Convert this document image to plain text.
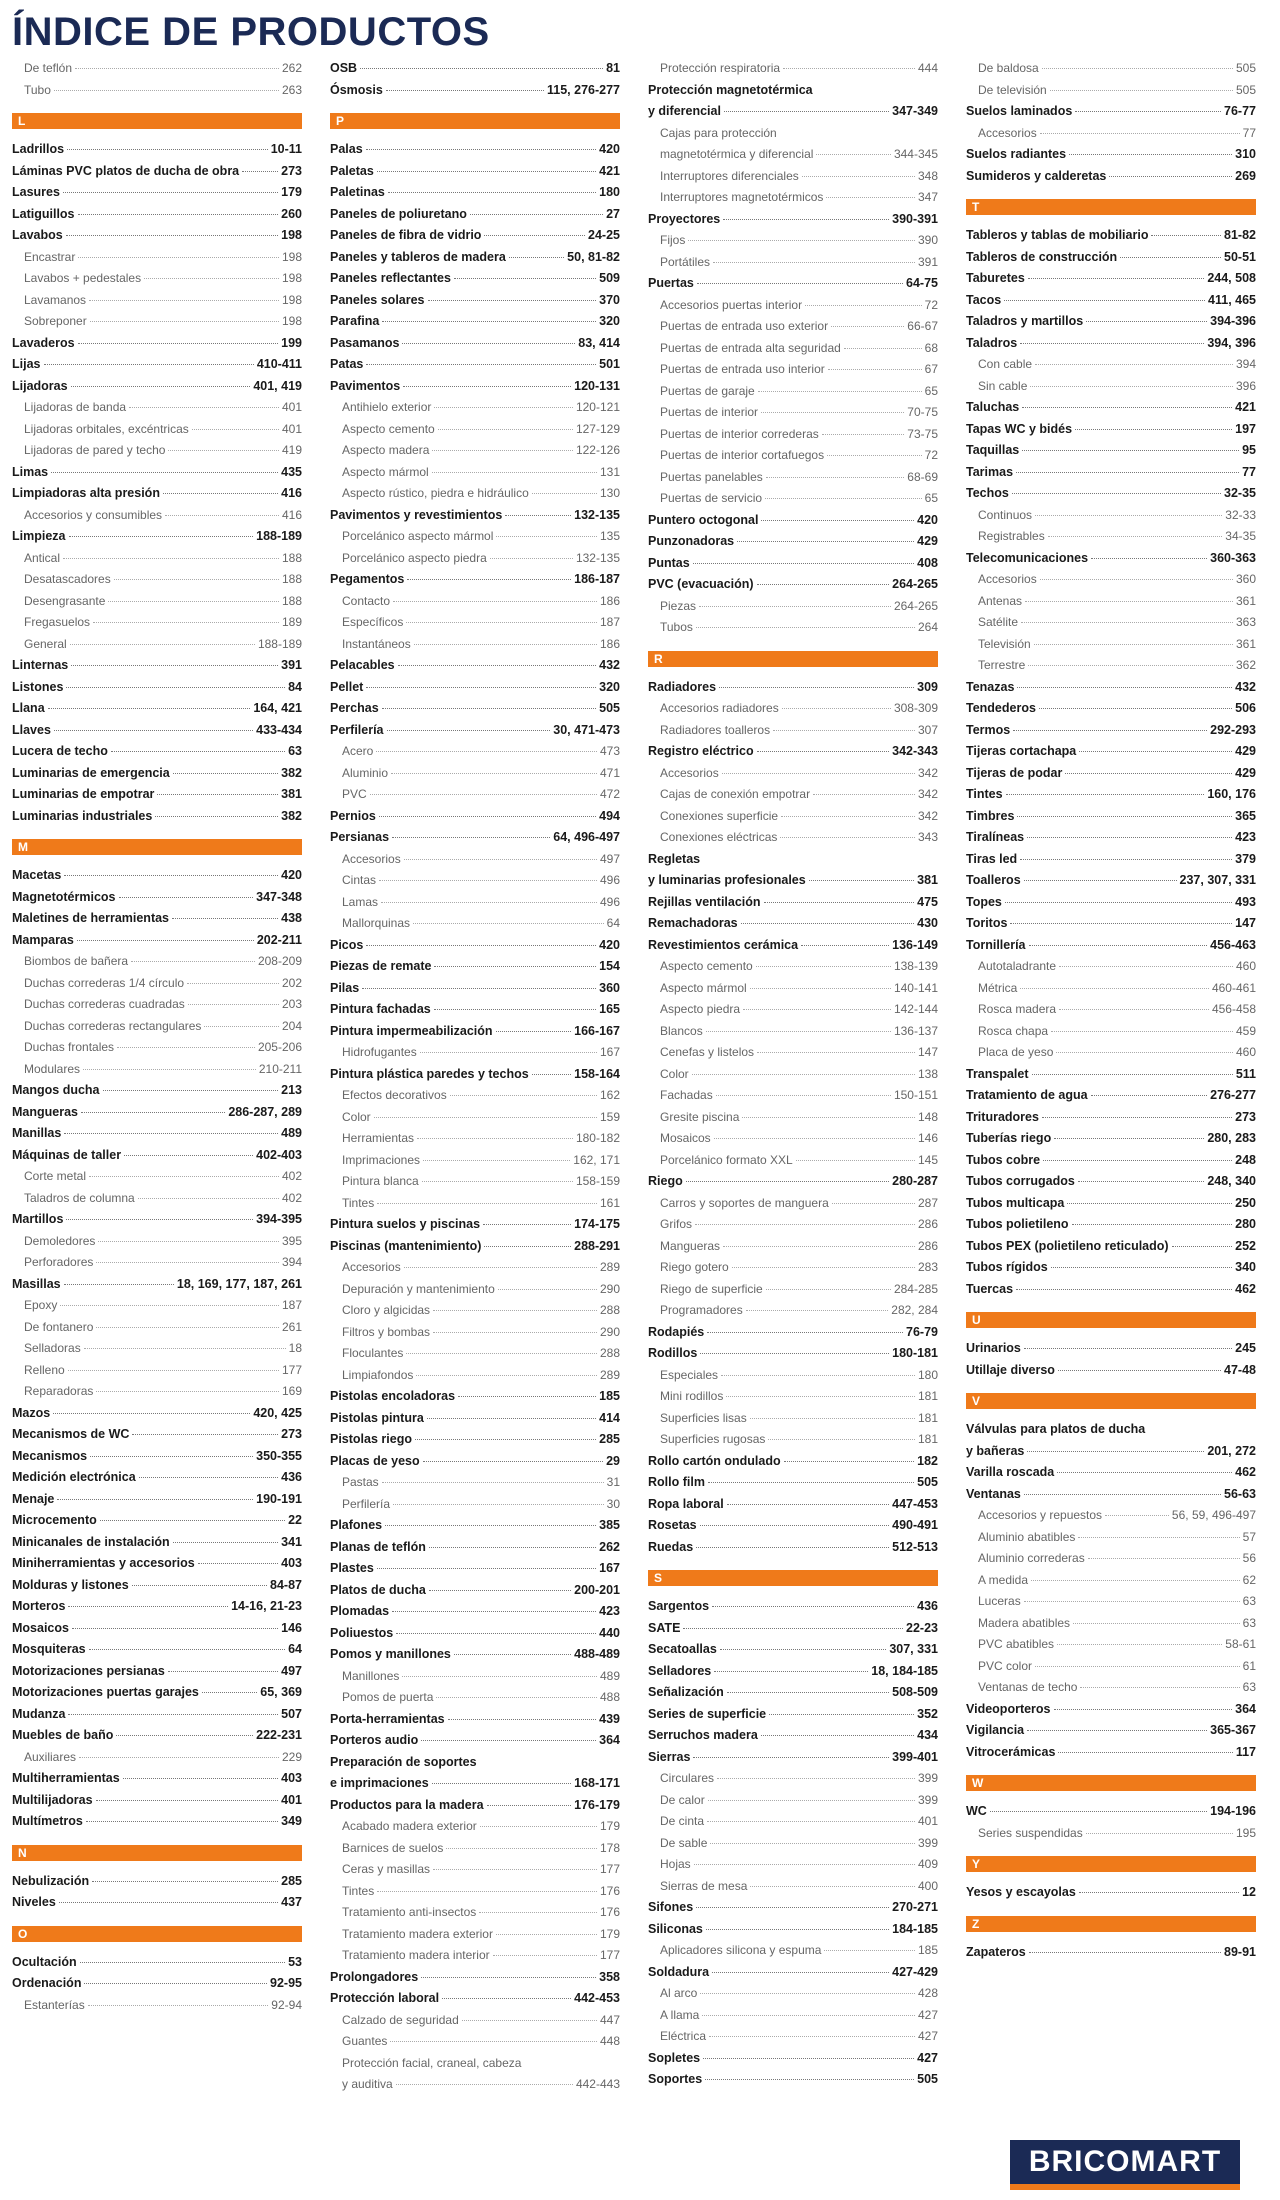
ÍNDICE DE PRODUCTOS
De teflón	262
Tubo	263
L
Ladrillos	10-11
Láminas PVC platos de ducha de obra	273
Lasures	179
Latiguillos	260
Lavabos	198
Encastrar	198
Lavabos + pedestales	198
Lavamanos	198
Sobreponer	198
Lavaderos	199
Lijas	410-411
Lijadoras	401, 419
Lijadoras de banda	401
Lijadoras orbitales, excéntricas	401
Lijadoras de pared y techo	419
Limas	435
Limpiadoras alta presión	416
Accesorios y consumibles	416
Limpieza	188-189
Antical	188
Desatascadores	188
Desengrasante	188
Fregasuelos	189
General	188-189
Linternas	391
Listones	84
Llana	164, 421
Llaves	433-434
Lucera de techo	63
Luminarias de emergencia	382
Luminarias de empotrar	381
Luminarias industriales	382
M
Macetas	420
Magnetotérmicos	347-348
Maletines de herramientas	438
Mamparas	202-211
Biombos de bañera	208-209
Duchas correderas 1/4 círculo	202
Duchas correderas cuadradas	203
Duchas correderas rectangulares	204
Duchas frontales	205-206
Modulares	210-211
Mangos ducha	213
Mangueras	286-287, 289
Manillas	489
Máquinas de taller	402-403
Corte metal	402
Taladros de columna	402
Martillos	394-395
Demoledores	395
Perforadores	394
Masillas	18, 169, 177, 187, 261
Epoxy	187
De fontanero	261
Selladoras	18
Relleno	177
Reparadoras	169
Mazos	420, 425
Mecanismos de WC	273
Mecanismos	350-355
Medición electrónica	436
Menaje	190-191
Microcemento	22
Minicanales de instalación	341
Miniherramientas y accesorios	403
Molduras y listones	84-87
Morteros	14-16, 21-23
Mosaicos	146
Mosquiteras	64
Motorizaciones persianas	497
Motorizaciones puertas garajes	65, 369
Mudanza	507
Muebles de baño	222-231
Auxiliares	229
Multiherramientas	403
Multilijadoras	401
Multímetros	349
N
Nebulización	285
Niveles	437
O
Ocultación	53
Ordenación	92-95
Estanterías	92-94
OSB	81
Ósmosis	115, 276-277
P
Palas	420
Paletas	421
Paletinas	180
Paneles de poliuretano	27
Paneles de fibra de vidrio	24-25
Paneles y tableros de madera	50, 81-82
Paneles reflectantes	509
Paneles solares	370
Parafina	320
Pasamanos	83, 414
Patas	501
Pavimentos	120-131
Antihielo exterior	120-121
Aspecto cemento	127-129
Aspecto madera	122-126
Aspecto mármol	131
Aspecto rústico, piedra e hidráulico	130
Pavimentos y revestimientos	132-135
Porcelánico aspecto mármol	135
Porcelánico aspecto piedra	132-135
Pegamentos	186-187
Contacto	186
Específicos	187
Instantáneos	186
Pelacables	432
Pellet	320
Perchas	505
Perfilería	30, 471-473
Acero	473
Aluminio	471
PVC	472
Pernios	494
Persianas	64, 496-497
Accesorios	497
Cintas	496
Lamas	496
Mallorquinas	64
Picos	420
Piezas de remate	154
Pilas	360
Pintura fachadas	165
Pintura impermeabilización	166-167
Hidrofugantes	167
Pintura plástica paredes y techos	158-164
Efectos decorativos	162
Color	159
Herramientas	180-182
Imprimaciones	162, 171
Pintura blanca	158-159
Tintes	161
Pintura suelos y piscinas	174-175
Piscinas (mantenimiento)	288-291
Accesorios	289
Depuración y mantenimiento	290
Cloro y algicidas	288
Filtros y bombas	290
Floculantes	288
Limpiafondos	289
Pistolas encoladoras	185
Pistolas pintura	414
Pistolas riego	285
Placas de yeso	29
Pastas	31
Perfilería	30
Plafones	385
Planas de teflón	262
Plastes	167
Platos de ducha	200-201
Plomadas	423
Poliuestos	440
Pomos y manillones	488-489
Manillones	489
Pomos de puerta	488
Porta-herramientas	439
Porteros audio	364
Preparación de soportes
e imprimaciones	168-171
Productos para la madera	176-179
Acabado madera exterior	179
Barnices de suelos	178
Ceras y masillas	177
Tintes	176
Tratamiento anti-insectos	176
Tratamiento madera exterior	179
Tratamiento madera interior	177
Prolongadores	358
Protección laboral	442-453
Calzado de seguridad	447
Guantes	448
Protección facial, craneal, cabeza
y auditiva	442-443
Protección respiratoria	444
Protección magnetotérmica
y diferencial	347-349
Cajas para protección
magnetotérmica y diferencial	344-345
Interruptores diferenciales	348
Interruptores magnetotérmicos	347
Proyectores	390-391
Fijos	390
Portátiles	391
Puertas	64-75
Accesorios puertas interior	72
Puertas de entrada uso exterior	66-67
Puertas de entrada alta seguridad	68
Puertas de entrada uso interior	67
Puertas de garaje	65
Puertas de interior	70-75
Puertas de interior correderas	73-75
Puertas de interior cortafuegos	72
Puertas panelables	68-69
Puertas de servicio	65
Puntero octogonal	420
Punzonadoras	429
Puntas	408
PVC (evacuación)	264-265
Piezas	264-265
Tubos	264
R
Radiadores	309
Accesorios radiadores	308-309
Radiadores toalleros	307
Registro eléctrico	342-343
Accesorios	342
Cajas de conexión empotrar	342
Conexiones superficie	342
Conexiones eléctricas	343
Regletas
y luminarias profesionales	381
Rejillas ventilación	475
Remachadoras	430
Revestimientos cerámica	136-149
Aspecto cemento	138-139
Aspecto mármol	140-141
Aspecto piedra	142-144
Blancos	136-137
Cenefas y listelos	147
Color	138
Fachadas	150-151
Gresite piscina	148
Mosaicos	146
Porcelánico formato XXL	145
Riego	280-287
Carros y soportes de manguera	287
Grifos	286
Mangueras	286
Riego gotero	283
Riego de superficie	284-285
Programadores	282, 284
Rodapiés	76-79
Rodillos	180-181
Especiales	180
Mini rodillos	181
Superficies lisas	181
Superficies rugosas	181
Rollo cartón ondulado	182
Rollo film	505
Ropa laboral	447-453
Rosetas	490-491
Ruedas	512-513
S
Sargentos	436
SATE	22-23
Secatoallas	307, 331
Selladores	18, 184-185
Señalización	508-509
Series de superficie	352
Serruchos madera	434
Sierras	399-401
Circulares	399
De calor	399
De cinta	401
De sable	399
Hojas	409
Sierras de mesa	400
Sifones	270-271
Siliconas	184-185
Aplicadores silicona y espuma	185
Soldadura	427-429
Al arco	428
A llama	427
Eléctrica	427
Sopletes	427
Soportes	505
De baldosa	505
De televisión	505
Suelos laminados	76-77
Accesorios	77
Suelos radiantes	310
Sumideros y calderetas	269
T
Tableros y tablas de mobiliario	81-82
Tableros de construcción	50-51
Taburetes	244, 508
Tacos	411, 465
Taladros y martillos	394-396
Taladros	394, 396
Con cable	394
Sin cable	396
Taluchas	421
Tapas WC y bidés	197
Taquillas	95
Tarimas	77
Techos	32-35
Continuos	32-33
Registrables	34-35
Telecomunicaciones	360-363
Accesorios	360
Antenas	361
Satélite	363
Televisión	361
Terrestre	362
Tenazas	432
Tendederos	506
Termos	292-293
Tijeras cortachapa	429
Tijeras de podar	429
Tintes	160, 176
Timbres	365
Tiralíneas	423
Tiras led	379
Toalleros	237, 307, 331
Topes	493
Toritos	147
Tornillería	456-463
Autotaladrante	460
Métrica	460-461
Rosca madera	456-458
Rosca chapa	459
Placa de yeso	460
Transpalet	511
Tratamiento de agua	276-277
Trituradores	273
Tuberías riego	280, 283
Tubos cobre	248
Tubos corrugados	248, 340
Tubos multicapa	250
Tubos polietileno	280
Tubos PEX (polietileno reticulado)	252
Tubos rígidos	340
Tuercas	462
U
Urinarios	245
Utillaje diverso	47-48
V
Válvulas para platos de ducha
y bañeras	201, 272
Varilla roscada	462
Ventanas	56-63
Accesorios y repuestos	56, 59, 496-497
Aluminio abatibles	57
Aluminio correderas	56
A medida	62
Luceras	63
Madera abatibles	63
PVC abatibles	58-61
PVC color	61
Ventanas de techo	63
Videoporteros	364
Vigilancia	365-367
Vitrocerámicas	117
W
WC	194-196
Series suspendidas	195
Y
Yesos y escayolas	12
Z
Zapateros	89-91
BRICOMART
